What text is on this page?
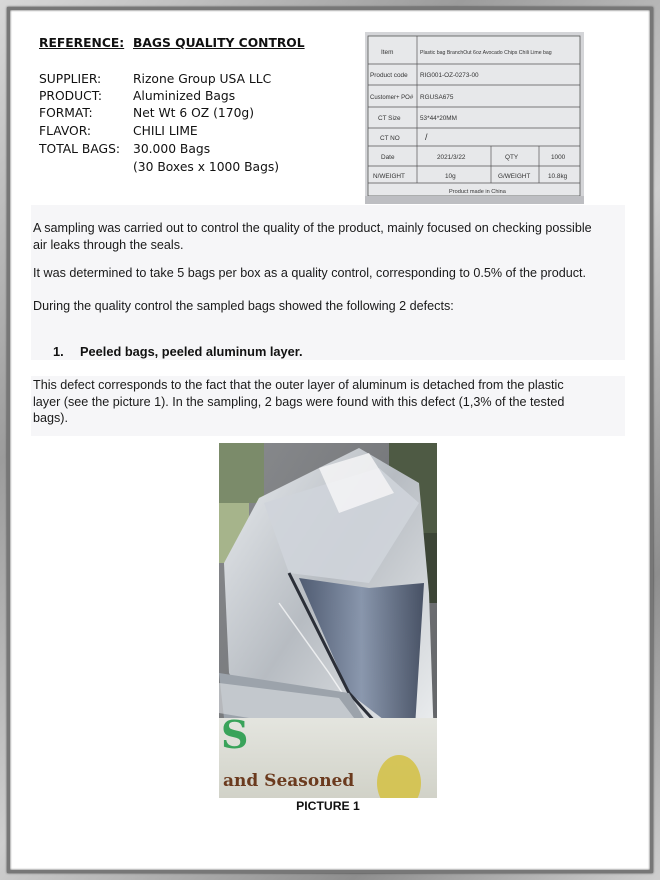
REFERENCE: BAGS QUALITY CONTROL
SUPPLIER:	Rizone Group USA LLC
PRODUCT:	Aluminized Bags
FORMAT:	Net Wt 6 OZ (170g)
FLAVOR:	CHILI LIME
TOTAL BAGS: 30.000 Bags
(30 Boxes x 1000 Bags)
Item	Plastic bag BranchOut 6oz Avocado Chips Chili Lime bag
Product code RIG001-OZ-0273-00
Customer+ PO# RGUSA675
CT Size	53*44*20MM
CT NO	/
Date	2021/3/22	QTY	1000
N/WEIGHT	10g	G/WEIGHT	10.8kg
Product made in China
A sampling was carried out to control the quality of the product, mainly focused on checking possible
air leaks through the seals.
It was determined to take 5 bags per box as a quality control, corresponding to 0.5% of the product.
During the quality control the sampled bags showed the following 2 defects:
1. Peeled bags, peeled aluminum layer.
This defect corresponds to the fact that the outer layer of aluminum is detached from the plastic
layer (see the picture 1). In the sampling, 2 bags were found with this defect (1,3% of the tested
bags).
S
and Seasoned
PICTURE 1
